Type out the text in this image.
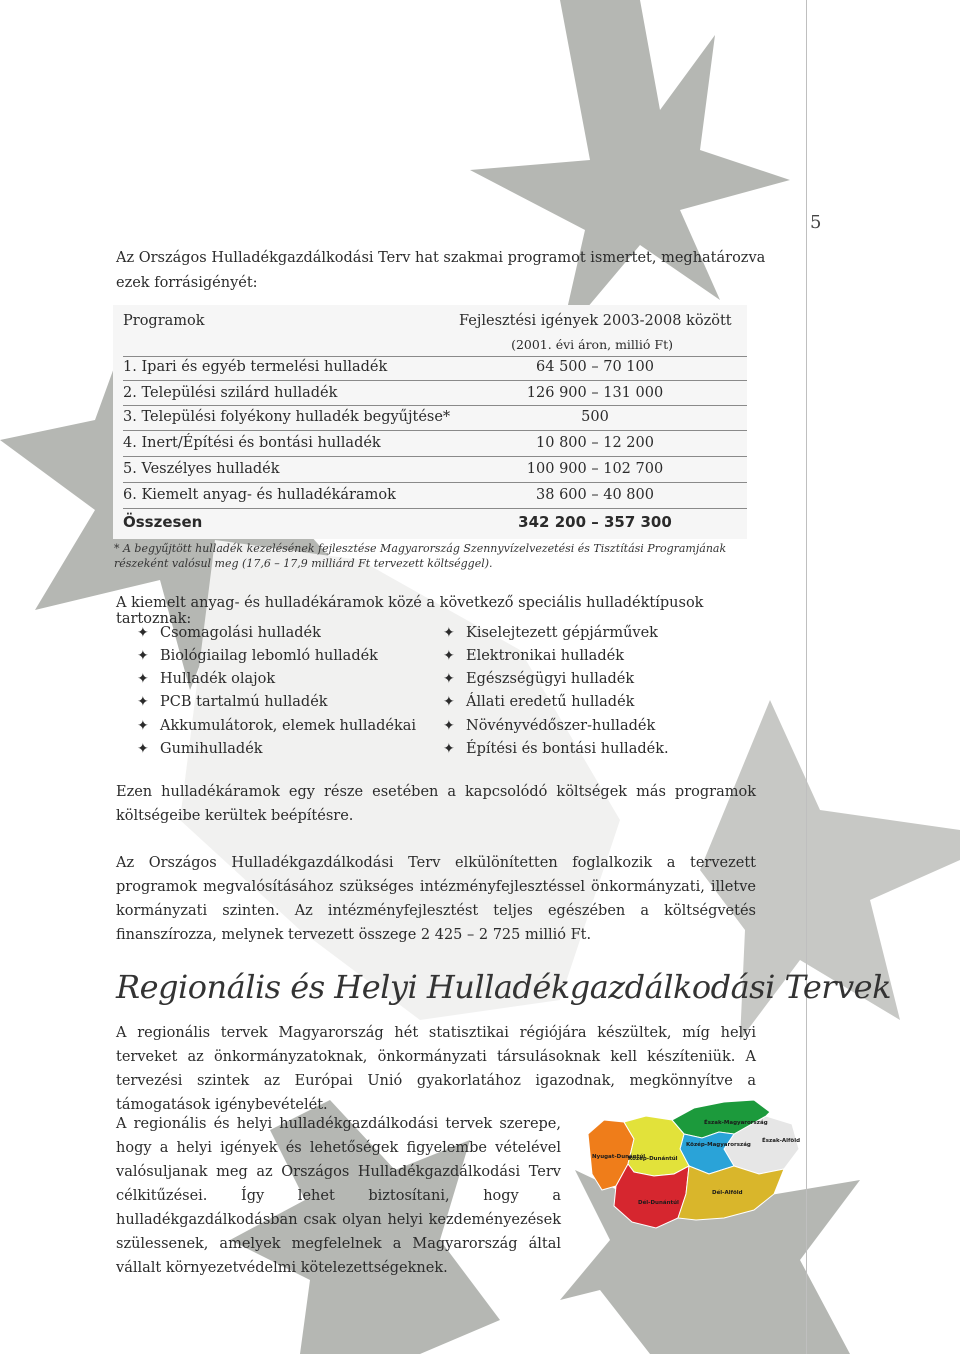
5
Az Országos Hulladékgazdálkodási Terv hat szakmai programot ismertet, meghatározva ezek forrásigényét:
Programok	Fejlesztési igények 2003-2008 között
(2001. évi áron, millió Ft)
1. Ipari és egyéb termelési hulladék	64 500 – 70 100
2. Települési szilárd hulladék	126 900 – 131 000
3. Települési folyékony hulladék begyűjtése*	500
4. Inert/Építési és bontási hulladék	10 800 – 12 200
5. Veszélyes hulladék	100 900 – 102 700
6. Kiemelt anyag- és hulladékáramok	38 600 – 40 800
Összesen	342 200 – 357 300
* A begyűjtött hulladék kezelésének fejlesztése Magyarország Szennyvízelvezetési és Tisztítási Programjának részeként valósul meg (17,6 – 17,9 milliárd Ft tervezett költséggel).
A kiemelt anyag- és hulladékáramok közé a következő speciális hulladéktípusok tartoznak:
✦ Csomagolási hulladék
✦ Biológiailag lebomló hulladék
✦ Hulladék olajok
✦ PCB tartalmú hulladék
✦ Akkumulátorok, elemek hulladékai
✦ Gumihulladék
✦ Kiselejtezett gépjárművek
✦ Elektronikai hulladék
✦ Egészségügyi hulladék
✦ Állati eredetű hulladék
✦ Növényvédőszer-hulladék
✦ Építési és bontási hulladék.
Ezen hulladékáramok egy része esetében a kapcsolódó költségek más programok költségeibe kerültek beépítésre.
Az Országos Hulladékgazdálkodási Terv elkülönítetten foglalkozik a tervezett programok megvalósításához szükséges intézményfejlesztéssel önkormányzati, illetve kormányzati szinten. Az intézményfejlesztést teljes egészében a költségvetés finanszírozza, melynek tervezett összege 2 425 – 2 725 millió Ft.
Regionális és Helyi Hulladékgazdálkodási Tervek
A regionális tervek Magyarország hét statisztikai régiójára készültek, míg helyi terveket az önkormányzatoknak, önkormányzati társulásoknak kell készíteniük. A tervezési szintek az Európai Unió gyakorlatához igazodnak, megkönnyítve a támogatások igénybevételét.
A regionális és helyi hulladékgazdálkodási tervek szerepe, hogy a helyi igények és lehetőségek figyelembe vételével valósuljanak meg az Országos Hulladékgazdálkodási Terv célkitűzései. Így lehet biztosítani, hogy a hulladékgazdálkodásban csak olyan helyi kezdeményezések szülessenek, amelyek megfelelnek a Magyarország által vállalt környezetvédelmi kötelezettségeknek.
Észak-Magyarország
Észak-Alföld
Közép-Magyarország
Nyugat-Dunántúl
Közép-Dunántúl
Dél-Dunántúl
Dél-Alföld
